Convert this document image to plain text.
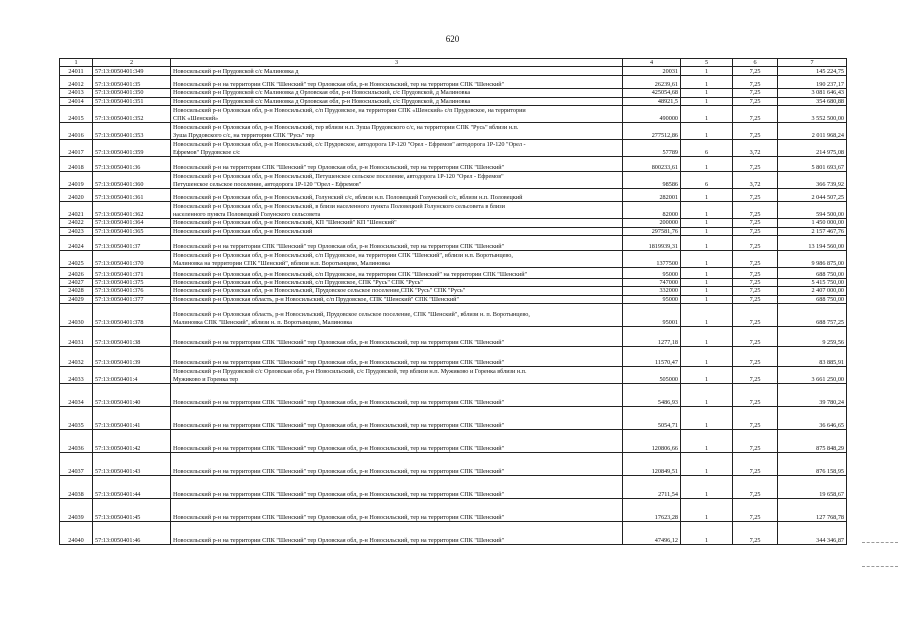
620
1	2	3	4	5	6	7
24011	57:13:0050401:349	Новосильский р-н Прудовской с/с Малиновка д	20031	1	7,25	145 224,75
24012	57:13:0050401:35	Новосильский р-н на территории СПК "Шенский" тер Орловская обл, р-н Новосильский, тер на территории СПК "Шенский"	26239,61	1	7,25	190 237,17
24013	57:13:0050401:350	Новосильский р-н Прудовской с/с Малиновка д Орловская обл, р-н Новосильский, с/с Прудовской, д Малиновка	425054,68	1	7,25	3 081 646,43
24014	57:13:0050401:351	Новосильский р-н Прудовской с/с Малиновка д Орловская обл, р-н Новосильский, с/с Прудовской, д Малиновка	48921,5	1	7,25	354 680,88
24015	57:13:0050401:352	Новосильский р-н Орловская обл, р-н Новосильский, с/п Прудовское, на территории СПК «Шенский» с/п Прудовское, на территории
СПК «Шенский»	490000	1	7,25	3 552 500,00
24016	57:13:0050401:353	Новосильский р-н Орловская обл, р-н Новосильский, тер вблизи н.п. Зуша Прудовского с/с, на территории СПК "Русь" вблизи н.п.
Зуша Прудовского с/с, на территории СПК "Русь" тер	277512,86	1	7,25	2 011 968,24
24017	57:13:0050401:359	Новосильский р-н Орловская обл, р-н Новосильский, с/с Прудовское, автодорога 1Р-120 "Орел - Ефремов" автодорога 1Р-120 "Орел -
Ефремов" Прудовское с/с	57789	6	3,72	214 975,08
24018	57:13:0050401:36	Новосильский р-н на территории СПК "Шенский" тер Орловская обл, р-н Новосильский, тер на территории СПК "Шенский"	800233,61	1	7,25	5 801 693,67
24019	57:13:0050401:360	Новосильский р-н Орловская обл, р-н Новосильский, Петушенское сельское поселение, автодорога 1Р-120 "Орел - Ефремов"
Петушенское сельское поселение, автодорога 1Р-120 "Орел - Ефремов"	98586	6	3,72	366 739,92
24020	57:13:0050401:361	Новосильский р-н Орловская обл, р-н Новосильский, Голунский с/с, вблизи н.п. Половецкий Голунский с/с, вблизи н.п. Половецкий	282001	1	7,25	2 044 507,25
24021	57:13:0050401:362	Новосильский р-н Орловская обл, р-н Новосильский, в близи населенного пункта Половецкий Голунского сельсовета в близи
населенного пункта Половецкий Голунского сельсовета	82000	1	7,25	594 500,00
24022	57:13:0050401:364	Новосильский р-н Орловская обл, р-н Новосильский, КП "Шенский" КП "Шенский"	200000	1	7,25	1 450 000,00
24023	57:13:0050401:365	Новосильский р-н Орловская обл, р-н Новосильский	297581,76	1	7,25	2 157 467,76
24024	57:13:0050401:37	Новосильский р-н на территории СПК "Шенский" тер Орловская обл, р-н Новосильский, тер на территории СПК "Шенский"	1819939,31	1	7,25	13 194 560,00
24025	57:13:0050401:370	Новосильский р-н Орловская обл, р-н Новосильский, с/п Прудовское, на территории СПК "Шенский", вблизи н.п. Воротынцево,
Малиновка на территории СПК "Шенский", вблизи н.п. Воротынцево, Малиновка	1377500	1	7,25	9 986 875,00
24026	57:13:0050401:371	Новосильский р-н Орловская обл, р-н Новосильский, с/п Прудовское, на территории СПК "Шенский" на территории СПК "Шенский"	95000	1	7,25	688 750,00
24027	57:13:0050401:375	Новосильский р-н Орловская обл, р-н Новосильский, с/п Прудовское, СПК "Русь" СПК "Русь"	747000	1	7,25	5 415 750,00
24028	57:13:0050401:376	Новосильский р-н Орловская обл, р-н Новосильский, Прудовское сельское поселение,СПК "Русь" СПК "Русь"	332000	1	7,25	2 407 000,00
24029	57:13:0050401:377	Новосильский р-н Орловская область, р-н Новосильский, с/п Прудовское, СПК "Шенский" СПК "Шенский"	95000	1	7,25	688 750,00
24030	57:13:0050401:378	Новосильский р-н Орловская область, р-н Новосильский, Прудовское сельское поселение, СПК "Шенский", вблизи н. п. Воротынцево,
Малиновка СПК "Шенский", вблизи н. п. Воротынцево, Малиновка	95001	1	7,25	688 757,25
24031	57:13:0050401:38	Новосильский р-н на территории СПК "Шенский" тер Орловская обл, р-н Новосильский, тер на территории СПК "Шенский"	1277,18	1	7,25	9 259,56
24032	57:13:0050401:39	Новосильский р-н на территории СПК "Шенский" тер Орловская обл, р-н Новосильский, тер на территории СПК "Шенский"	11570,47	1	7,25	83 885,91
24033	57:13:0050401:4	Новосильский р-н Прудовской с/с Орловская обл, р-н Новосильский, с/с Прудовской, тер вблизи н.п. Мужиково и Горенка вблизи н.п.
Мужиково и Горенка тер	505000	1	7,25	3 661 250,00
24034	57:13:0050401:40	Новосильский р-н на территории СПК "Шенский" тер Орловская обл, р-н Новосильский, тер на территории СПК "Шенский"	5486,93	1	7,25	39 780,24
24035	57:13:0050401:41	Новосильский р-н на территории СПК "Шенский" тер Орловская обл, р-н Новосильский, тер на территории СПК "Шенский"	5054,71	1	7,25	36 646,65
24036	57:13:0050401:42	Новосильский р-н на территории СПК "Шенский" тер Орловская обл, р-н Новосильский, тер на территории СПК "Шенский"	120806,66	1	7,25	875 848,29
24037	57:13:0050401:43	Новосильский р-н на территории СПК "Шенский" тер Орловская обл, р-н Новосильский, тер на территории СПК "Шенский"	120849,51	1	7,25	876 158,95
24038	57:13:0050401:44	Новосильский р-н на территории СПК "Шенский" тер Орловская обл, р-н Новосильский, тер на территории СПК "Шенский"	2711,54	1	7,25	19 658,67
24039	57:13:0050401:45	Новосильский р-н на территории СПК "Шенский" тер Орловская обл, р-н Новосильский, тер на территории СПК "Шенский"	17623,28	1	7,25	127 768,78
24040	57:13:0050401:46	Новосильский р-н на территории СПК "Шенский" тер Орловская обл, р-н Новосильский, тер на территории СПК "Шенский"	47496,12	1	7,25	344 346,87
